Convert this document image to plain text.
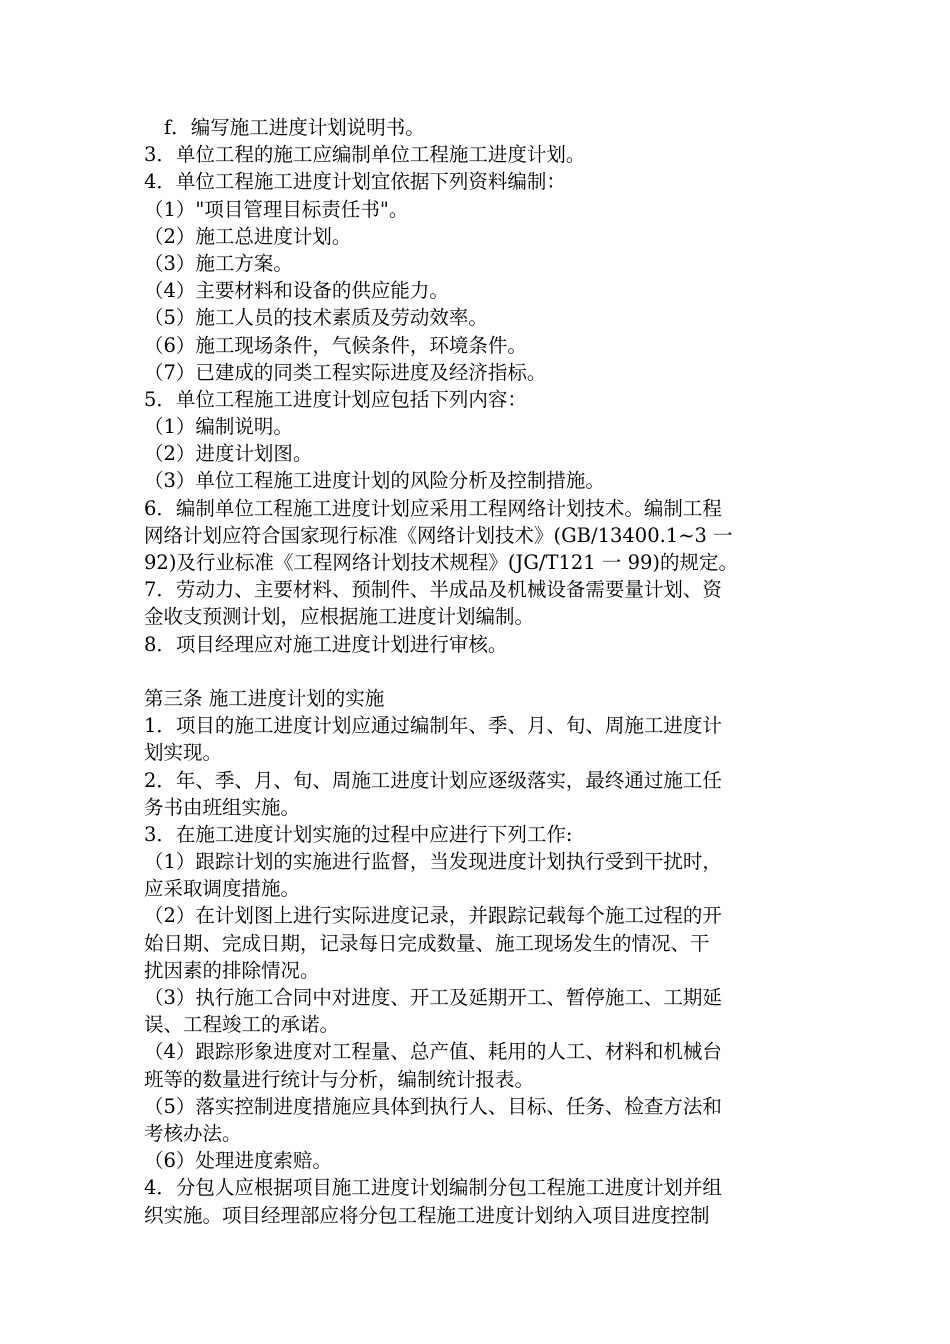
f．编写施工进度计划说明书。
3．单位工程的施工应编制单位工程施工进度计划。
4．单位工程施工进度计划宜依据下列资料编制：
（1）"项目管理目标责任书"。
（2）施工总进度计划。
（3）施工方案。
（4）主要材料和设备的供应能力。
（5）施工人员的技术素质及劳动效率。
（6）施工现场条件，气候条件，环境条件。
（7）已建成的同类工程实际进度及经济指标。
5．单位工程施工进度计划应包括下列内容：
（1）编制说明。
（2）进度计划图。
（3）单位工程施工进度计划的风险分析及控制措施。
6．编制单位工程施工进度计划应采用工程网络计划技术。编制工程
网络计划应符合国家现行标准《网络计划技术》(GB/13400.1~3 一
92)及行业标准《工程网络计划技术规程》(JG/T121 一 99)的规定。
7．劳动力、主要材料、预制件、半成品及机械设备需要量计划、资
金收支预测计划，应根据施工进度计划编制。
8．项目经理应对施工进度计划进行审核。
第三条 施工进度计划的实施
1．项目的施工进度计划应通过编制年、季、月、旬、周施工进度计
划实现。
2．年、季、月、旬、周施工进度计划应逐级落实，最终通过施工任
务书由班组实施。
3．在施工进度计划实施的过程中应进行下列工作:
（1）跟踪计划的实施进行监督，当发现进度计划执行受到干扰时，
应采取调度措施。
（2）在计划图上进行实际进度记录，并跟踪记载每个施工过程的开
始日期、完成日期，记录每日完成数量、施工现场发生的情况、干
扰因素的排除情况。
（3）执行施工合同中对进度、开工及延期开工、暂停施工、工期延
误、工程竣工的承诺。
（4）跟踪形象进度对工程量、总产值、耗用的人工、材料和机械台
班等的数量进行统计与分析，编制统计报表。
（5）落实控制进度措施应具体到执行人、目标、任务、检查方法和
考核办法。
（6）处理进度索赔。
4．分包人应根据项目施工进度计划编制分包工程施工进度计划并组
织实施。项目经理部应将分包工程施工进度计划纳入项目进度控制
